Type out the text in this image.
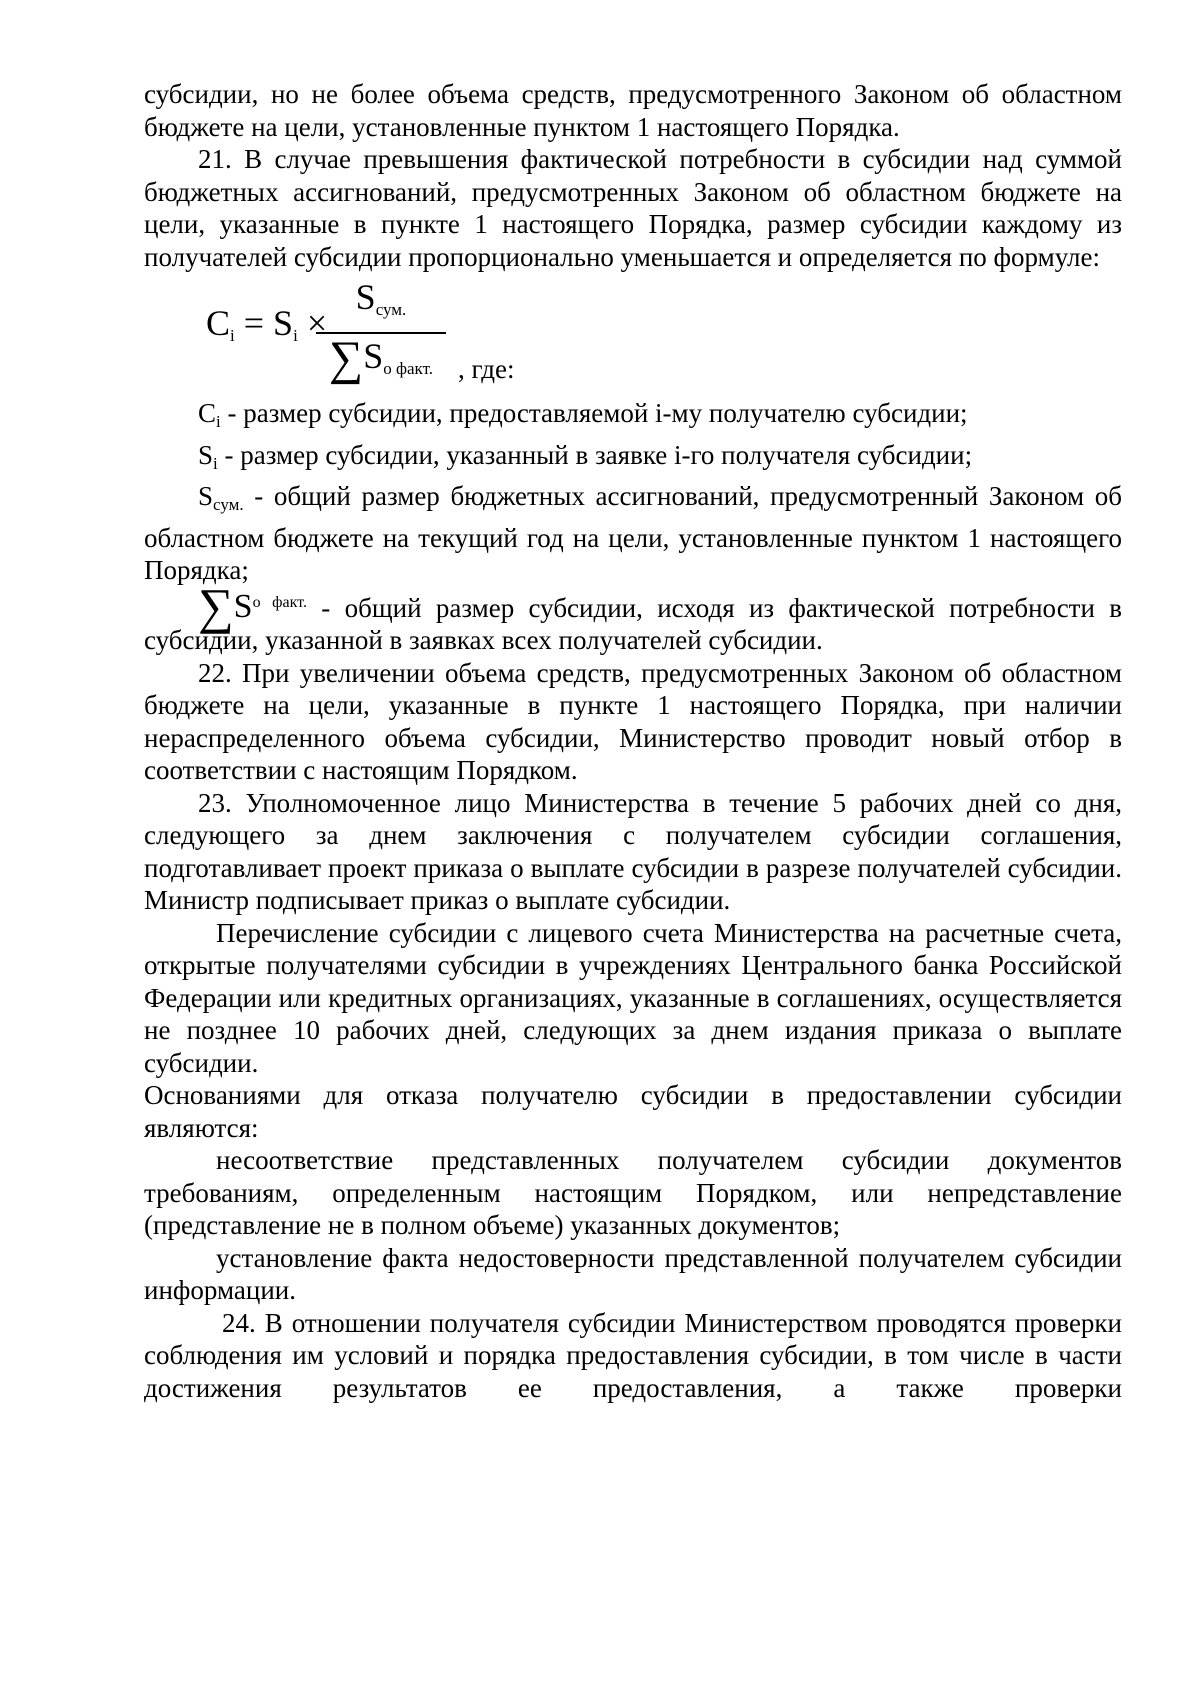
субсидии, но не более объема средств, предусмотренного Законом об областном бюджете на цели, установленные пунктом 1 настоящего Порядка.

21. В случае превышения фактической потребности в субсидии над суммой бюджетных ассигнований, предусмотренных Законом об областном бюджете на цели, указанные в пункте 1 настоящего Порядка, размер субсидии каждому из получателей субсидии пропорционально уменьшается и определяется по формуле:

$C_i = S_i$ ×
$S_{сум.}$
$\sum S_{о факт.}$ , где:

$C_i$ - размер субсидии, предоставляемой i-му получателю субсидии;

$S_i$ - размер субсидии, указанный в заявке i-го получателя субсидии;

$S_{сум.}$ - общий размер бюджетных ассигнований, предусмотренный Законом об областном бюджете на текущий год на цели, установленные пунктом 1 настоящего Порядка;

$\sum S^{о факт.}$ - общий размер субсидии, исходя из фактической потребности в субсидии, указанной в заявках всех получателей субсидии.

22. При увеличении объема средств, предусмотренных Законом об областном бюджете на цели, указанные в пункте 1 настоящего Порядка, при наличии нераспределенного объема субсидии, Министерство проводит новый отбор в соответствии с настоящим Порядком.

23. Уполномоченное лицо Министерства в течение 5 рабочих дней со дня, следующего за днем заключения с получателем субсидии соглашения, подготавливает проект приказа о выплате субсидии в разрезе получателей субсидии. Министр подписывает приказ о выплате субсидии.

Перечисление субсидии с лицевого счета Министерства на расчетные счета, открытые получателями субсидии в учреждениях Центрального банка Российской Федерации или кредитных организациях, указанные в соглашениях, осуществляется не позднее 10 рабочих дней, следующих за днем издания приказа о выплате субсидии.

Основаниями для отказа получателю субсидии в предоставлении субсидии являются:

несоответствие представленных получателем субсидии документов требованиям, определенным настоящим Порядком, или непредставление (представление не в полном объеме) указанных документов;

установление факта недостоверности представленной получателем субсидии информации.

24. В отношении получателя субсидии Министерством проводятся проверки соблюдения им условий и порядка предоставления субсидии, в том числе в части достижения результатов ее предоставления, а также проверки
